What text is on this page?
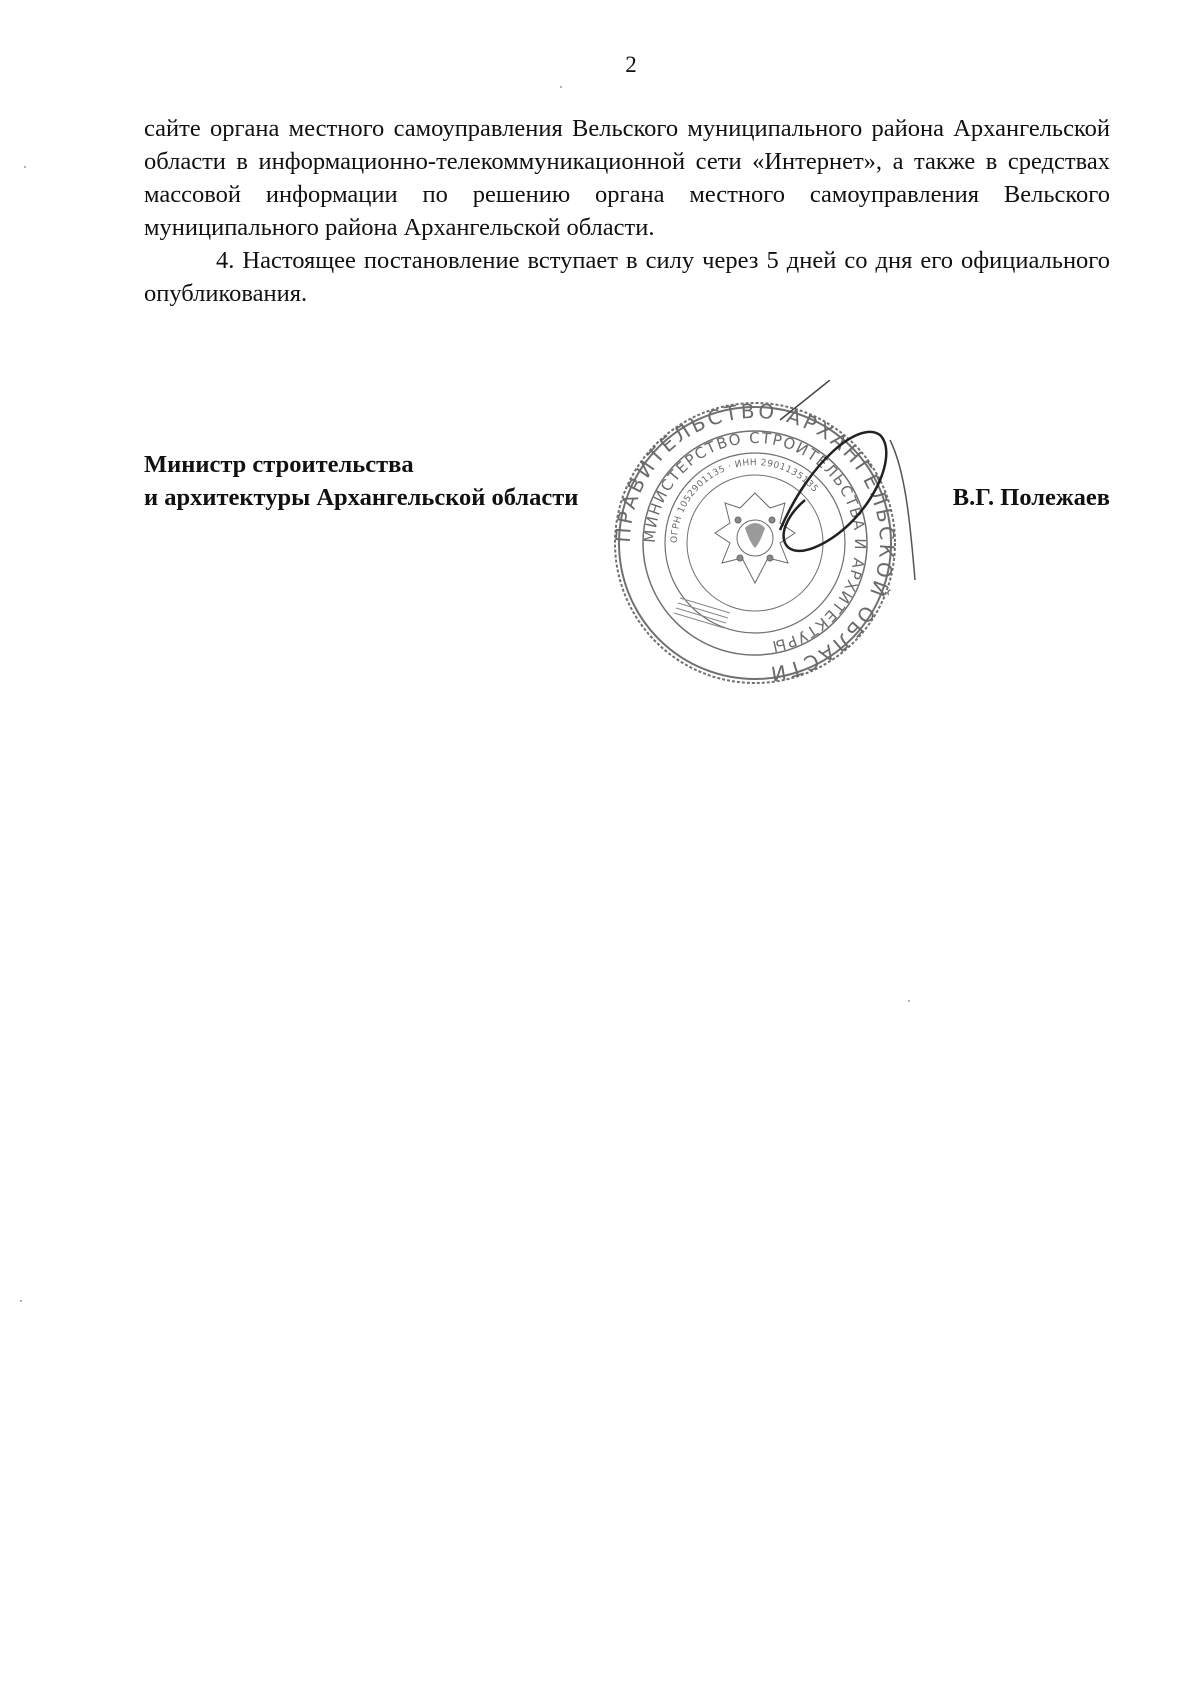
2

сайте органа местного самоуправления Вельского муниципального района Архангельской области в информационно-телекоммуникационной сети «Интернет», а также в средствах массовой информации по решению органа местного самоуправления Вельского муниципального района Архангельской области.

4. Настоящее постановление вступает в силу через 5 дней со дня его официального опубликования.

ПРАВИТЕЛЬСТВО АРХАНГЕЛЬСКОЙ ОБЛАСТИ
МИНИСТЕРСТВО СТРОИТЕЛЬСТВА И АРХИТЕКТУРЫ
ОГРН 1052901135 · ИНН 2901135135
Министр строительства
и архитектуры Архангельской области	В.Г. Полежаев
